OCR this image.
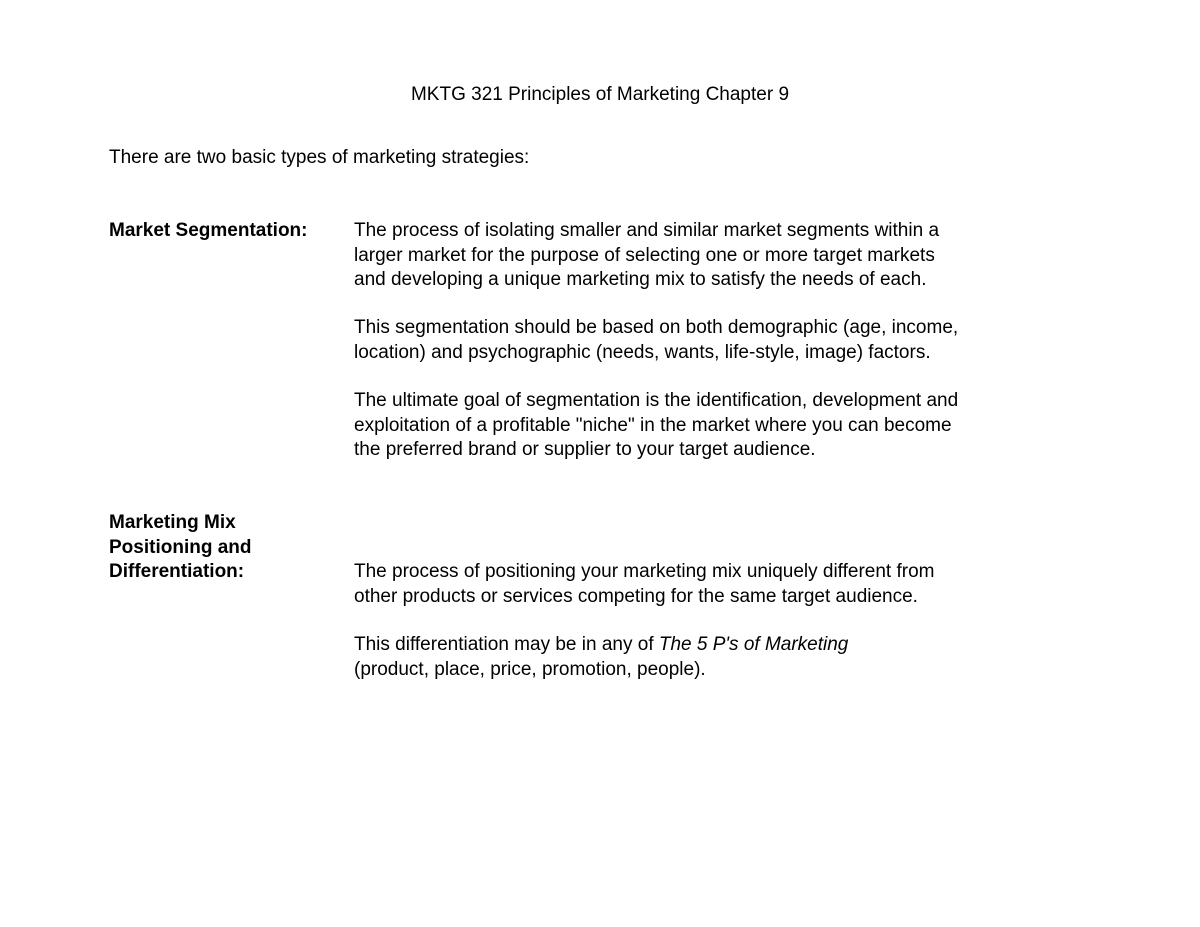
MKTG 321 Principles of Marketing Chapter 9
There are two basic types of marketing strategies:
Market Segmentation: The process of isolating smaller and similar market segments within a
larger market for the purpose of selecting one or more target markets
and developing a unique marketing mix to satisfy the needs of each.
This segmentation should be based on both demographic (age, income,
location) and psychographic (needs, wants, life-style, image) factors.
The ultimate goal of segmentation is the identification, development and
exploitation of a profitable "niche" in the market where you can become
the preferred brand or supplier to your target audience.
Marketing Mix
Positioning and
Differentiation:	The process of positioning your marketing mix uniquely different from
other products or services competing for the same target audience.
This differentiation may be in any of The 5 P's of Marketing
(product, place, price, promotion, people).
